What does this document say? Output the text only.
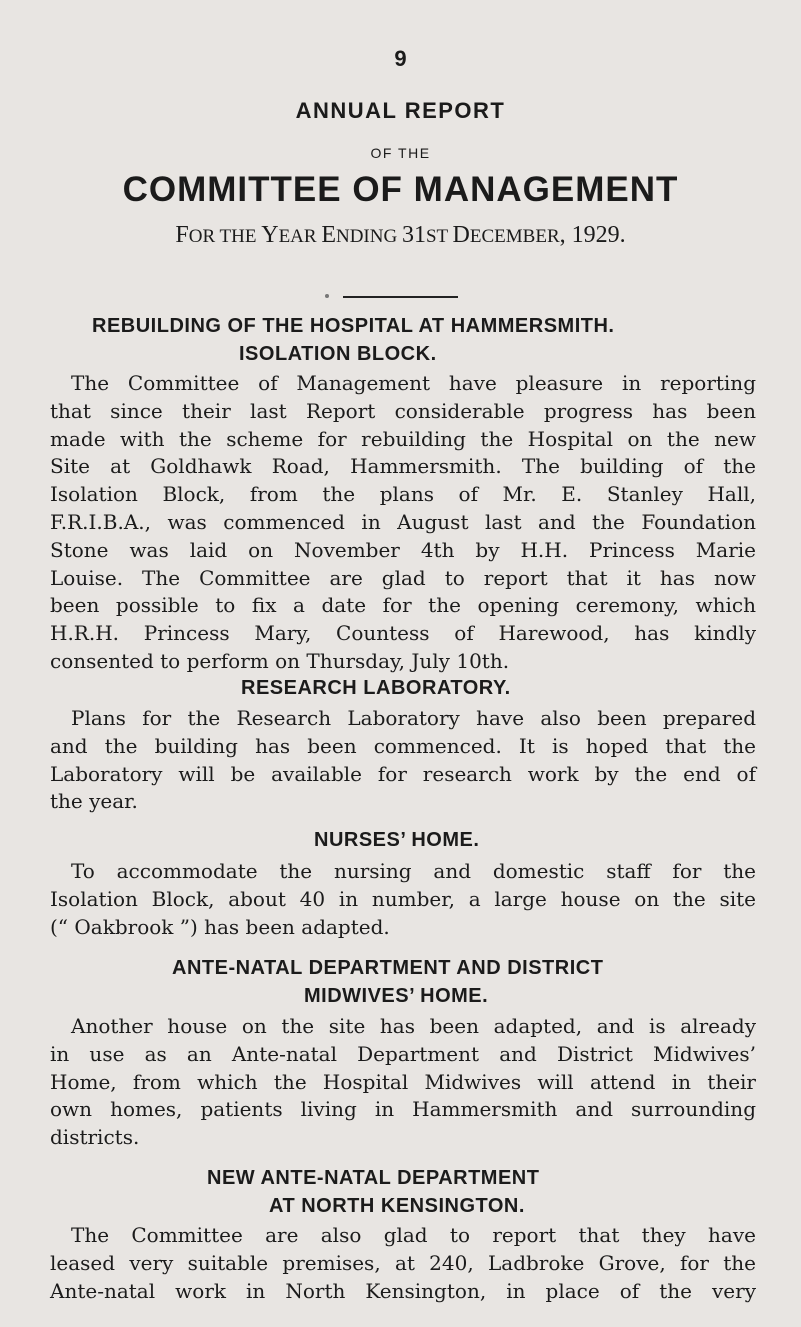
9
ANNUAL REPORT
OF THE
COMMITTEE OF MANAGEMENT
FOR THE YEAR ENDING 31ST DECEMBER, 1929.
REBUILDING OF THE HOSPITAL AT HAMMERSMITH.
ISOLATION BLOCK.
The Committee of Management have pleasure in reporting
that since their last Report considerable progress has been
made with the scheme for rebuilding the Hospital on the new
Site at Goldhawk Road, Hammersmith. The building of the
Isolation Block, from the plans of Mr. E. Stanley Hall,
F.R.I.B.A., was commenced in August last and the Foundation
Stone was laid on November 4th by H.H. Princess Marie
Louise. The Committee are glad to report that it has now
been possible to fix a date for the opening ceremony, which
H.R.H. Princess Mary, Countess of Harewood, has kindly
consented to perform on Thursday, July 10th.
RESEARCH LABORATORY.
Plans for the Research Laboratory have also been prepared
and the building has been commenced. It is hoped that the
Laboratory will be available for research work by the end of
the year.
NURSES’ HOME.
To accommodate the nursing and domestic staff for the
Isolation Block, about 40 in number, a large house on the site
(“ Oakbrook ”) has been adapted.
ANTE-NATAL DEPARTMENT AND DISTRICT
MIDWIVES’ HOME.
Another house on the site has been adapted, and is already
in use as an Ante-natal Department and District Midwives’
Home, from which the Hospital Midwives will attend in their
own homes, patients living in Hammersmith and surrounding
districts.
NEW ANTE-NATAL DEPARTMENT
AT NORTH KENSINGTON.
The Committee are also glad to report that they have
leased very suitable premises, at 240, Ladbroke Grove, for the
Ante-natal work in North Kensington, in place of the very
